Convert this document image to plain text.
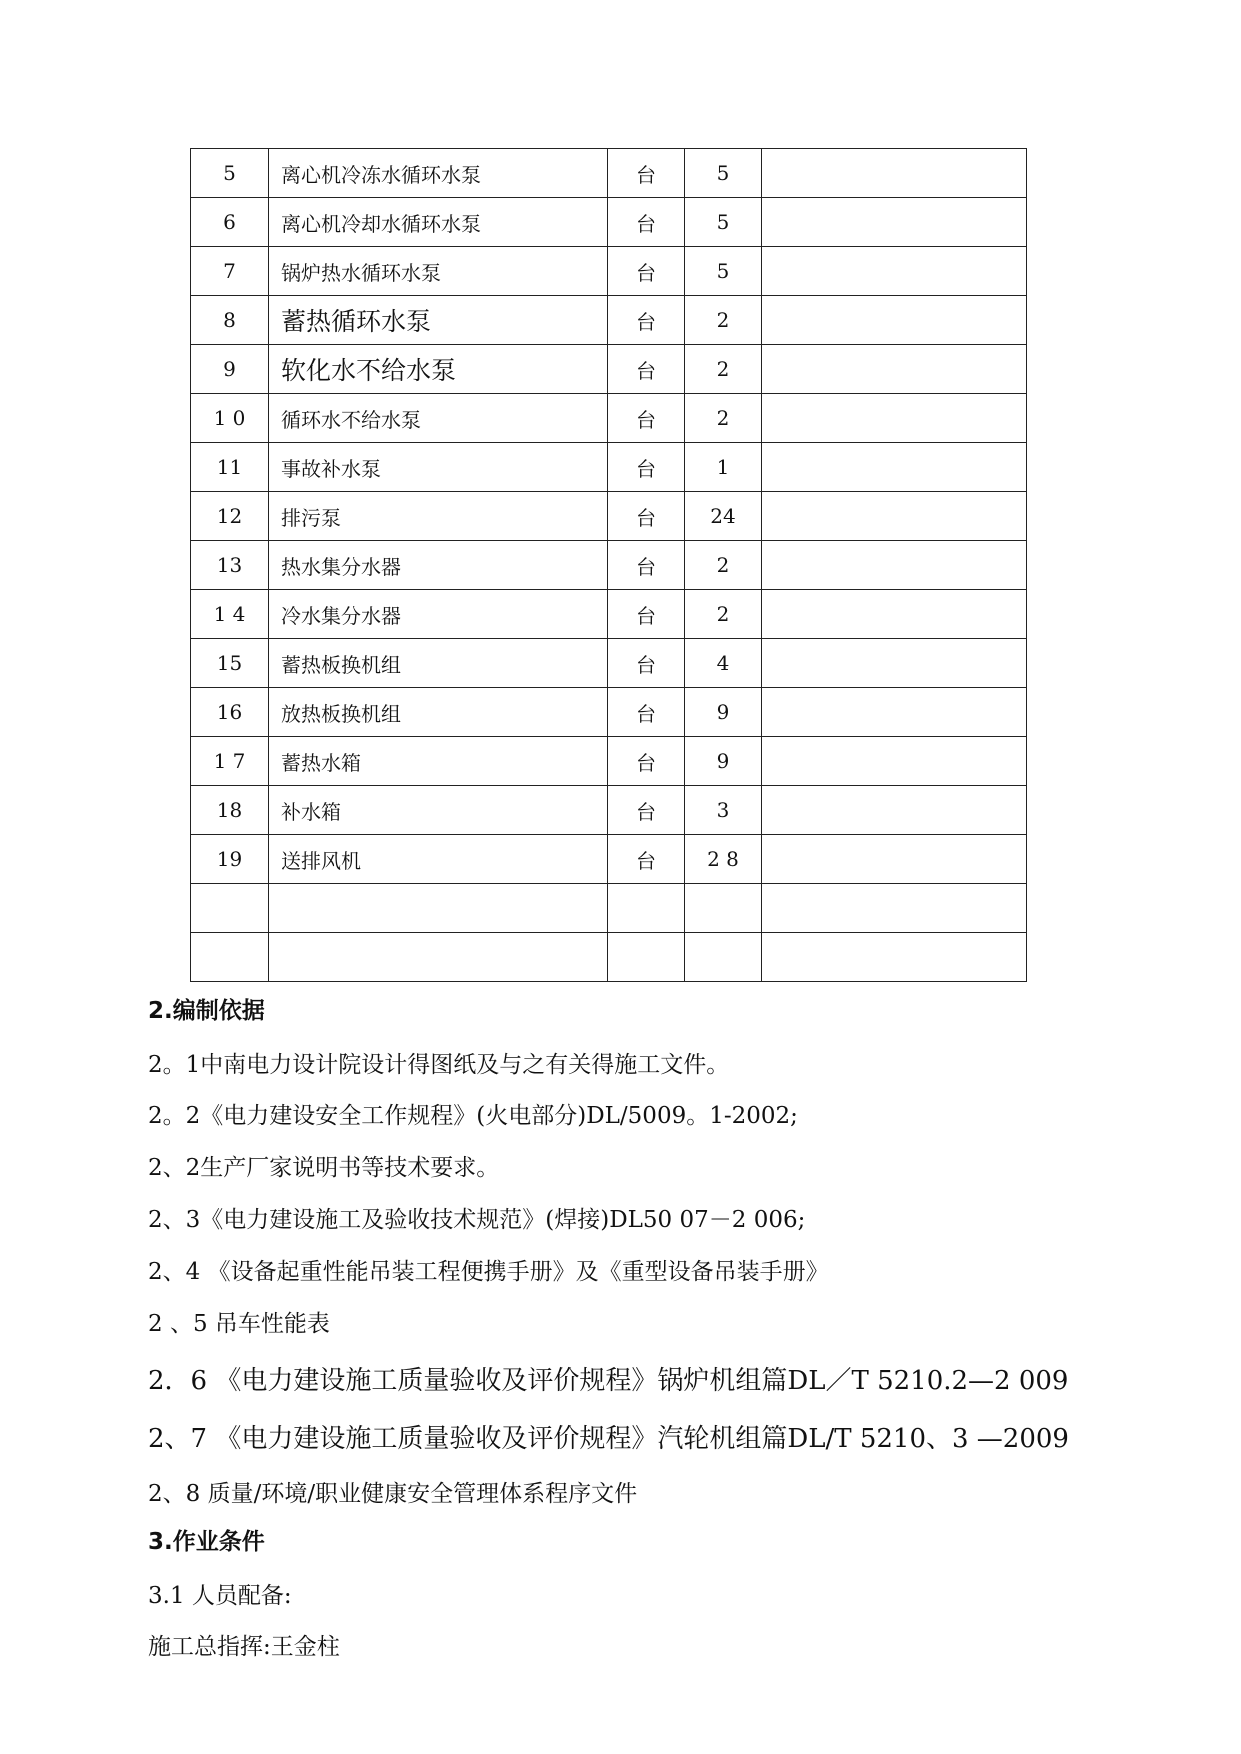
5	离心机冷冻水循环水泵	台	5	
6	离心机冷却水循环水泵	台	5	
7	锅炉热水循环水泵	台	5	
8	蓄热循环水泵	台	2	
9	软化水不给水泵	台	2	
1 0	循环水不给水泵	台	2	
11	事故补水泵	台	1	
12	排污泵	台	24	
13	热水集分水器	台	2	
1 4	冷水集分水器	台	2	
15	蓄热板换机组	台	4	
16	放热板换机组	台	9	
1 7	蓄热水箱	台	9	
18	补水箱	台	3	
19	送排风机	台	2 8	

2.编制依据
2。1中南电力设计院设计得图纸及与之有关得施工文件。
2。2《电力建设安全工作规程》(火电部分)DL/5009。1-2002;
2、2生产厂家说明书等技术要求。
2、3《电力建设施工及验收技术规范》(焊接)DL50 07－2 006;
2、4 《设备起重性能吊装工程便携手册》及《重型设备吊装手册》
2 、5 吊车性能表
2．6 《电力建设施工质量验收及评价规程》锅炉机组篇DL／T 5210.2—2 009
2、7 《电力建设施工质量验收及评价规程》汽轮机组篇DL/T 5210、3 —2009
2、8 质量/环境/职业健康安全管理体系程序文件
3.作业条件
3.1 人员配备:
施工总指挥:王金柱
